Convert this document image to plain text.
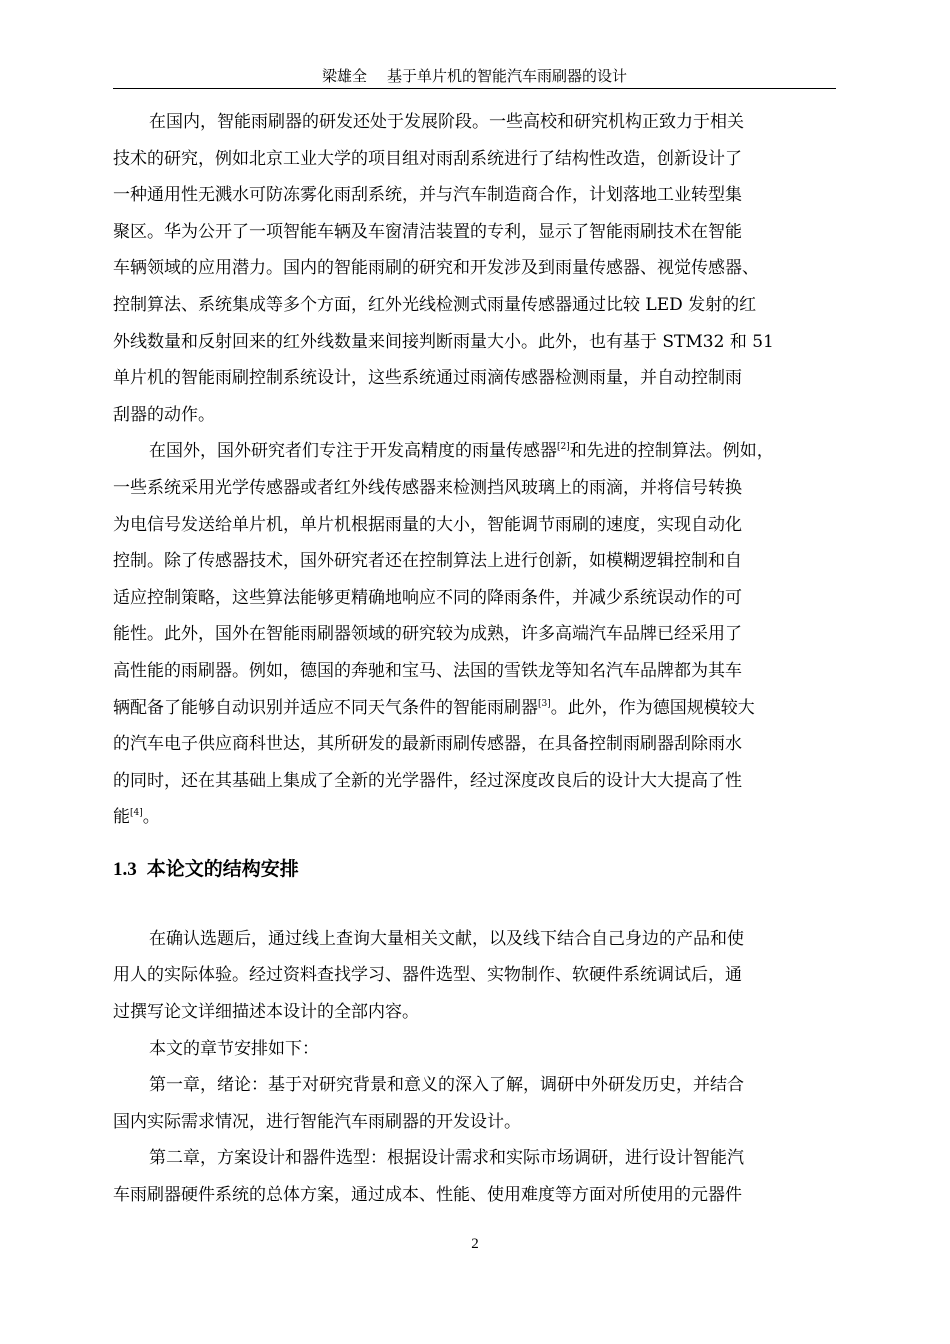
梁雄全 基于单片机的智能汽车雨刷器的设计

在国内，智能雨刷器的研发还处于发展阶段。一些高校和研究机构正致力于相关
技术的研究，例如北京工业大学的项目组对雨刮系统进行了结构性改造，创新设计了
一种通用性无溅水可防冻雾化雨刮系统，并与汽车制造商合作，计划落地工业转型集
聚区。华为公开了一项智能车辆及车窗清洁装置的专利，显示了智能雨刷技术在智能
车辆领域的应用潜力。国内的智能雨刷的研究和开发涉及到雨量传感器、视觉传感器、
控制算法、系统集成等多个方面，红外光线检测式雨量传感器通过比较 LED 发射的红
外线数量和反射回来的红外线数量来间接判断雨量大小。此外，也有基于 STM32 和 51
单片机的智能雨刷控制系统设计，这些系统通过雨滴传感器检测雨量，并自动控制雨
刮器的动作。

在国外，国外研究者们专注于开发高精度的雨量传感器[2]和先进的控制算法。例如，
一些系统采用光学传感器或者红外线传感器来检测挡风玻璃上的雨滴，并将信号转换
为电信号发送给单片机，单片机根据雨量的大小，智能调节雨刷的速度，实现自动化
控制。除了传感器技术，国外研究者还在控制算法上进行创新，如模糊逻辑控制和自
适应控制策略，这些算法能够更精确地响应不同的降雨条件，并减少系统误动作的可
能性。此外，国外在智能雨刷器领域的研究较为成熟，许多高端汽车品牌已经采用了
高性能的雨刷器。例如，德国的奔驰和宝马、法国的雪铁龙等知名汽车品牌都为其车
辆配备了能够自动识别并适应不同天气条件的智能雨刷器[3]。此外，作为德国规模较大
的汽车电子供应商科世达，其所研发的最新雨刷传感器，在具备控制雨刷器刮除雨水
的同时，还在其基础上集成了全新的光学器件，经过深度改良后的设计大大提高了性
能[4]。

1.3 本论文的结构安排

在确认选题后，通过线上查询大量相关文献，以及线下结合自己身边的产品和使
用人的实际体验。经过资料查找学习、器件选型、实物制作、软硬件系统调试后，通
过撰写论文详细描述本设计的全部内容。

本文的章节安排如下：

第一章，绪论：基于对研究背景和意义的深入了解，调研中外研发历史，并结合
国内实际需求情况，进行智能汽车雨刷器的开发设计。

第二章，方案设计和器件选型：根据设计需求和实际市场调研，进行设计智能汽
车雨刷器硬件系统的总体方案，通过成本、性能、使用难度等方面对所使用的元器件

2
